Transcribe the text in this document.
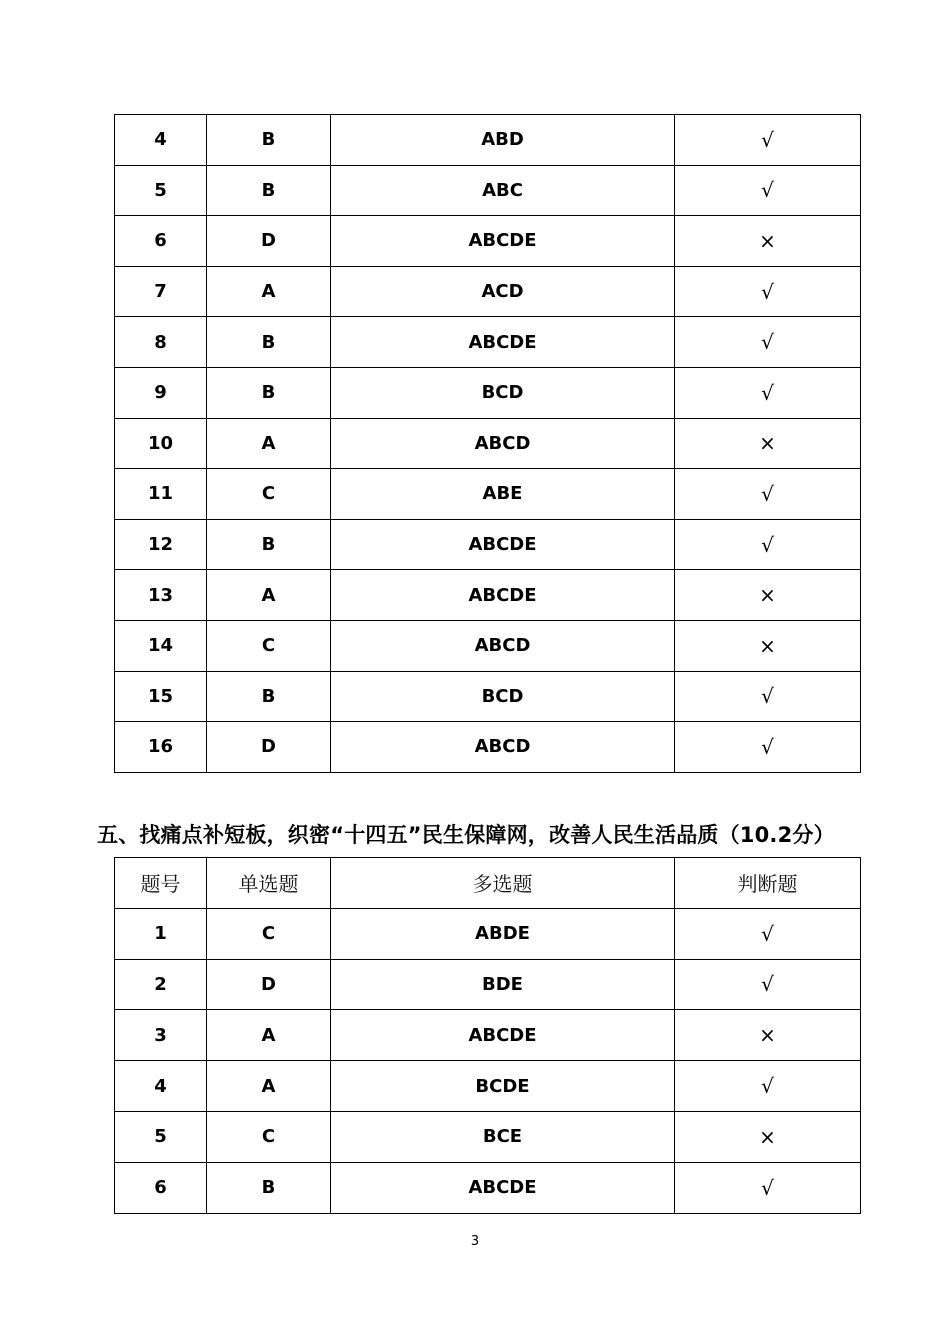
4	B	ABD	√
5	B	ABC	√
6	D	ABCDE	×
7	A	ACD	√
8	B	ABCDE	√
9	B	BCD	√
10	A	ABCD	×
11	C	ABE	√
12	B	ABCDE	√
13	A	ABCDE	×
14	C	ABCD	×
15	B	BCD	√
16	D	ABCD	√
五、找痛点补短板，织密“十四五”民生保障网，改善人民生活品质（10.2分）
题号	单选题	多选题	判断题
1	C	ABDE	√
2	D	BDE	√
3	A	ABCDE	×
4	A	BCDE	√
5	C	BCE	×
6	B	ABCDE	√
3
